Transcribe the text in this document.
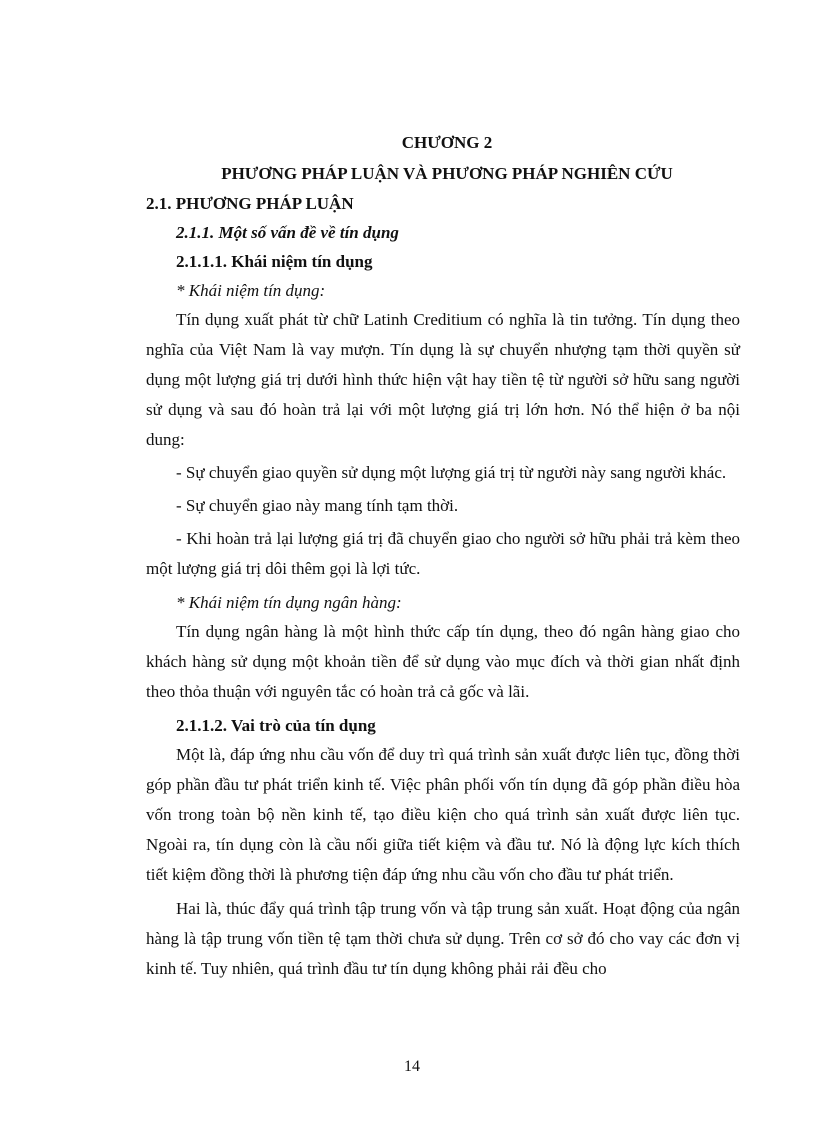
CHƯƠNG 2

PHƯƠNG PHÁP LUẬN VÀ PHƯƠNG PHÁP NGHIÊN CỨU

2.1. PHƯƠNG PHÁP LUẬN

2.1.1. Một số vấn đề về tín dụng

2.1.1.1. Khái niệm tín dụng

* Khái niệm tín dụng:

Tín dụng xuất phát từ chữ Latinh Creditium có nghĩa là tin tưởng. Tín dụng theo nghĩa của Việt Nam là vay mượn. Tín dụng là sự chuyển nhượng tạm thời quyền sử dụng một lượng giá trị dưới hình thức hiện vật hay tiền tệ từ người sở hữu sang người sử dụng và sau đó hoàn trả lại với một lượng giá trị lớn hơn. Nó thể hiện ở ba nội dung:

- Sự chuyển giao quyền sử dụng một lượng giá trị từ người này sang người khác.

- Sự chuyển giao này mang tính tạm thời.

- Khi hoàn trả lại lượng giá trị đã chuyển giao cho người sở hữu phải trả kèm theo một lượng giá trị dôi thêm gọi là lợi tức.

* Khái niệm tín dụng ngân hàng:

Tín dụng ngân hàng là một hình thức cấp tín dụng, theo đó ngân hàng giao cho khách hàng sử dụng một khoản tiền để sử dụng vào mục đích và thời gian nhất định theo thỏa thuận với nguyên tắc có hoàn trả cả gốc và lãi.

2.1.1.2. Vai trò của tín dụng

Một là, đáp ứng nhu cầu vốn để duy trì quá trình sản xuất được liên tục, đồng thời góp phần đầu tư phát triển kinh tế. Việc phân phối vốn tín dụng đã góp phần điều hòa vốn trong toàn bộ nền kinh tế, tạo điều kiện cho quá trình sản xuất được liên tục. Ngoài ra, tín dụng còn là cầu nối giữa tiết kiệm và đầu tư. Nó là động lực kích thích tiết kiệm đồng thời là phương tiện đáp ứng nhu cầu vốn cho đầu tư phát triển.

Hai là, thúc đẩy quá trình tập trung vốn và tập trung sản xuất. Hoạt động của ngân hàng là tập trung vốn tiền tệ tạm thời chưa sử dụng. Trên cơ sở đó cho vay các đơn vị kinh tế. Tuy nhiên, quá trình đầu tư tín dụng không phải rải đều cho

14
